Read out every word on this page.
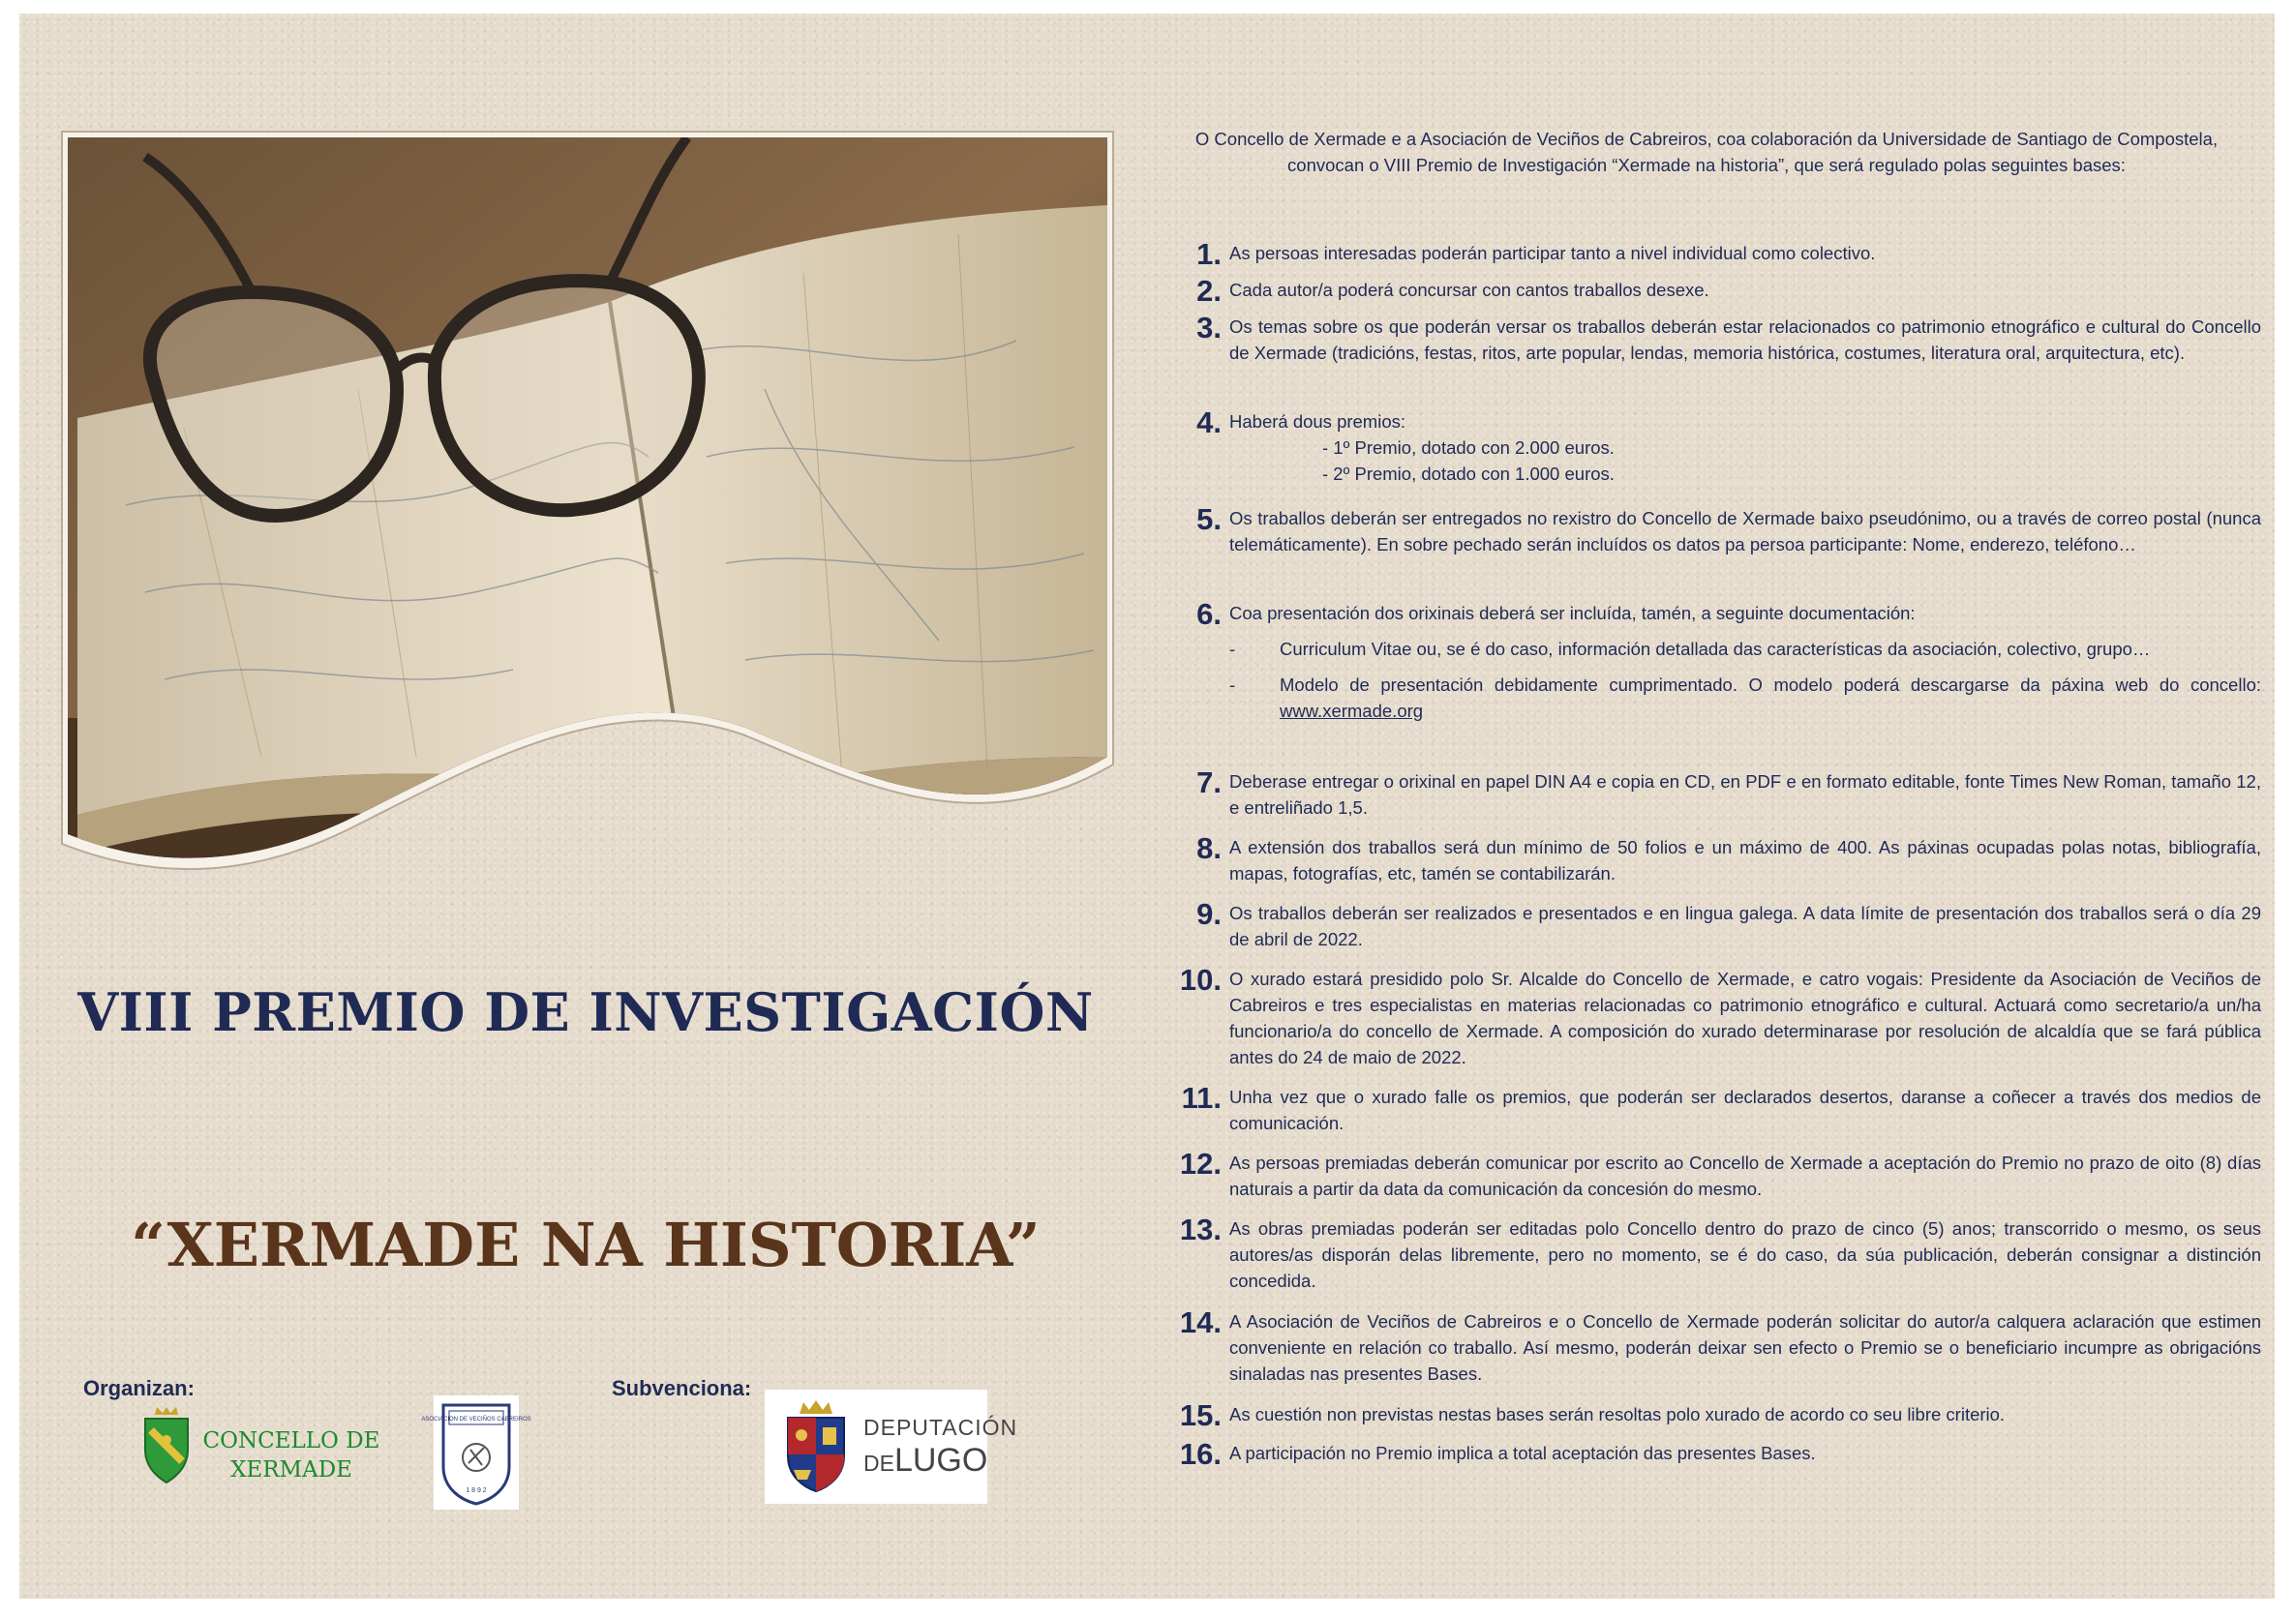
VIII PREMIO DE INVESTIGACIÓN
“XERMADE NA HISTORIA”
Organizan:	Subvenciona:
CONCELLO DE
XERMADE
ASOCIACION DE VECIÑOS CABREIROS
1 8 9 2
DEPUTACIÓN
DELUGO

O Concello de Xermade e a Asociación de Veciños de Cabreiros, coa colaboración da Universidade de Santiago de Compostela, convocan o VIII Premio de Investigación “Xermade na historia”, que será regulado polas seguintes bases:

1. As persoas interesadas poderán participar tanto a nivel individual como colectivo.
2. Cada autor/a poderá concursar con cantos traballos desexe.
3. Os temas sobre os que poderán versar os traballos deberán estar relacionados co patrimonio etnográfico e cultural do Concello de Xermade (tradicións, festas, ritos, arte popular, lendas, memoria histórica, costumes, literatura oral, arquitectura, etc).
4. Haberá dous premios:
- 1º Premio, dotado con 2.000 euros.
- 2º Premio, dotado con 1.000 euros.
5. Os traballos deberán ser entregados no rexistro do Concello de Xermade baixo pseudónimo, ou a través de correo postal (nunca telemáticamente). En sobre pechado serán incluídos os datos pa persoa participante: Nome, enderezo, teléfono…
6. Coa presentación dos orixinais deberá ser incluída, tamén, a seguinte documentación:
- Curriculum Vitae ou, se é do caso, información detallada das características da asociación, colectivo, grupo…
- Modelo de presentación debidamente cumprimentado. O modelo poderá descargarse da páxina web do concello: www.xermade.org
7. Deberase entregar o orixinal en papel DIN A4 e copia en CD, en PDF e en formato editable, fonte Times New Roman, tamaño 12, e entreliñado 1,5.
8. A extensión dos traballos será dun mínimo de 50 folios e un máximo de 400. As páxinas ocupadas polas notas, bibliografía, mapas, fotografías, etc, tamén se contabilizarán.
9. Os traballos deberán ser realizados e presentados e en lingua galega. A data límite de presentación dos traballos será o día 29 de abril de 2022.
10. O xurado estará presidido polo Sr. Alcalde do Concello de Xermade, e catro vogais: Presidente da Asociación de Veciños de Cabreiros e tres especialistas en materias relacionadas co patrimonio etnográfico e cultural. Actuará como secretario/a un/ha funcionario/a do concello de Xermade. A composición do xurado determinarase por resolución de alcaldía que se fará pública antes do 24 de maio de 2022.
11. Unha vez que o xurado falle os premios, que poderán ser declarados desertos, daranse a coñecer a través dos medios de comunicación.
12. As persoas premiadas deberán comunicar por escrito ao Concello de Xermade a aceptación do Premio no prazo de oito (8) días naturais a partir da data da comunicación da concesión do mesmo.
13. As obras premiadas poderán ser editadas polo Concello dentro do prazo de cinco (5) anos; transcorrido o mesmo, os seus autores/as disporán delas libremente, pero no momento, se é do caso, da súa publicación, deberán consignar a distinción concedida.
14. A Asociación de Veciños de Cabreiros e o Concello de Xermade poderán solicitar do autor/a calquera aclaración que estimen conveniente en relación co traballo. Así mesmo, poderán deixar sen efecto o Premio se o beneficiario incumpre as obrigacións sinaladas nas presentes Bases.
15. As cuestión non previstas nestas bases serán resoltas polo xurado de acordo co seu libre criterio.
16. A participación no Premio implica a total aceptación das presentes Bases.
